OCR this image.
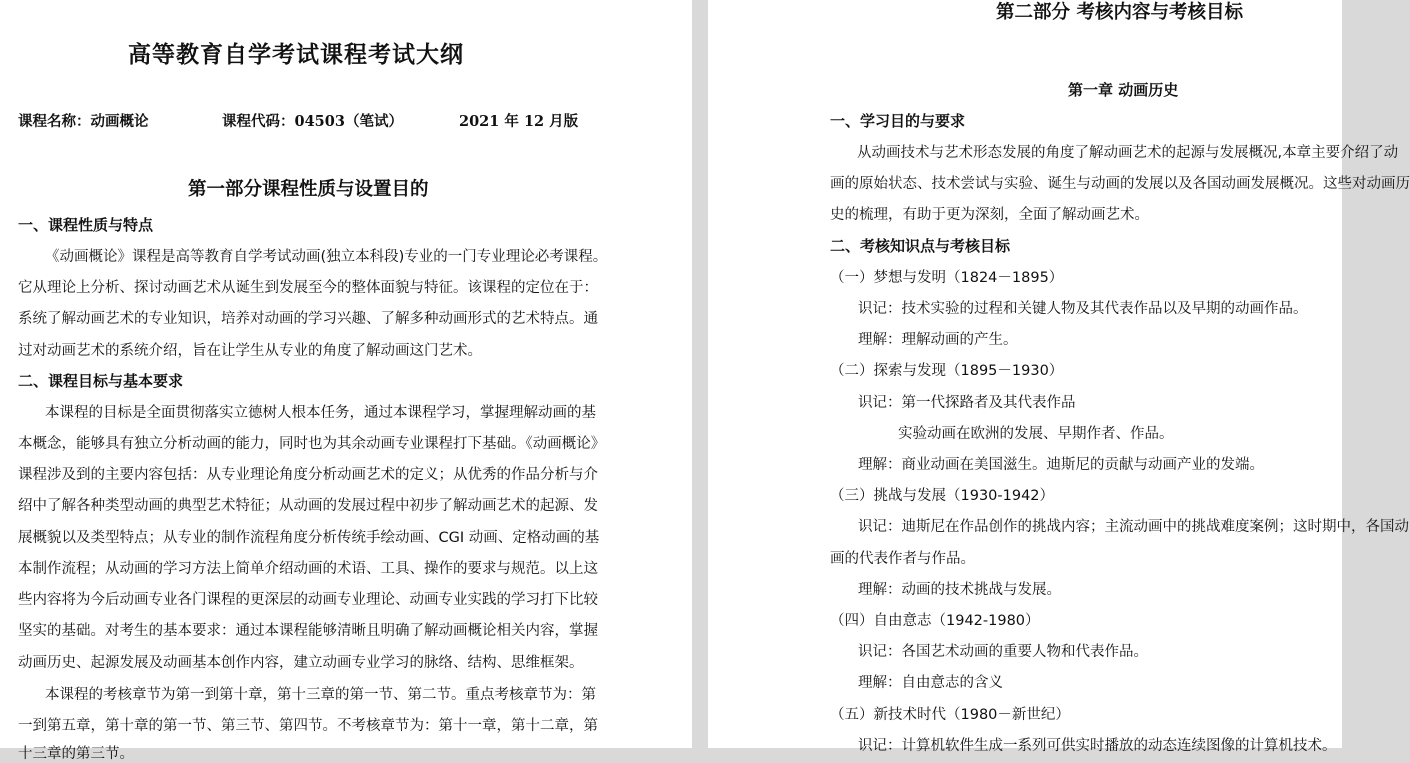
高等教育自学考试课程考试大纲
课程名称：动画概论	课程代码：04503（笔试）	2021 年 12 月版
第一部分课程性质与设置目的
一、课程性质与特点
《动画概论》课程是高等教育自学考试动画(独立本科段)专业的一门专业理论必考课程。
它从理论上分析、探讨动画艺术从诞生到发展至今的整体面貌与特征。该课程的定位在于：
系统了解动画艺术的专业知识，培养对动画的学习兴趣、了解多种动画形式的艺术特点。通
过对动画艺术的系统介绍，旨在让学生从专业的角度了解动画这门艺术。
二、课程目标与基本要求
本课程的目标是全面贯彻落实立德树人根本任务，通过本课程学习，掌握理解动画的基
本概念，能够具有独立分析动画的能力，同时也为其余动画专业课程打下基础。《动画概论》
课程涉及到的主要内容包括：从专业理论角度分析动画艺术的定义；从优秀的作品分析与介
绍中了解各种类型动画的典型艺术特征；从动画的发展过程中初步了解动画艺术的起源、发
展概貌以及类型特点；从专业的制作流程角度分析传统手绘动画、CGI 动画、定格动画的基
本制作流程；从动画的学习方法上简单介绍动画的术语、工具、操作的要求与规范。以上这
些内容将为今后动画专业各门课程的更深层的动画专业理论、动画专业实践的学习打下比较
坚实的基础。对考生的基本要求：通过本课程能够清晰且明确了解动画概论相关内容，掌握
动画历史、起源发展及动画基本创作内容，建立动画专业学习的脉络、结构、思维框架。
本课程的考核章节为第一到第十章，第十三章的第一节、第二节。重点考核章节为：第
一到第五章，第十章的第一节、第三节、第四节。不考核章节为：第十一章，第十二章，第
十三章的第三节。
第二部分 考核内容与考核目标
第一章 动画历史
一、学习目的与要求
从动画技术与艺术形态发展的角度了解动画艺术的起源与发展概况,本章主要介绍了动
画的原始状态、技术尝试与实验、诞生与动画的发展以及各国动画发展概况。这些对动画历
史的梳理，有助于更为深刻，全面了解动画艺术。
二、考核知识点与考核目标
（一）梦想与发明（1824－1895）
识记：技术实验的过程和关键人物及其代表作品以及早期的动画作品。
理解：理解动画的产生。
（二）探索与发现（1895－1930）
识记：第一代探路者及其代表作品
实验动画在欧洲的发展、早期作者、作品。
理解：商业动画在美国滋生。迪斯尼的贡献与动画产业的发端。
（三）挑战与发展（1930-1942）
识记：迪斯尼在作品创作的挑战内容；主流动画中的挑战难度案例；这时期中，各国动
画的代表作者与作品。
理解：动画的技术挑战与发展。
（四）自由意志（1942-1980）
识记：各国艺术动画的重要人物和代表作品。
理解：自由意志的含义
（五）新技术时代（1980－新世纪）
识记：计算机软件生成一系列可供实时播放的动态连续图像的计算机技术。
